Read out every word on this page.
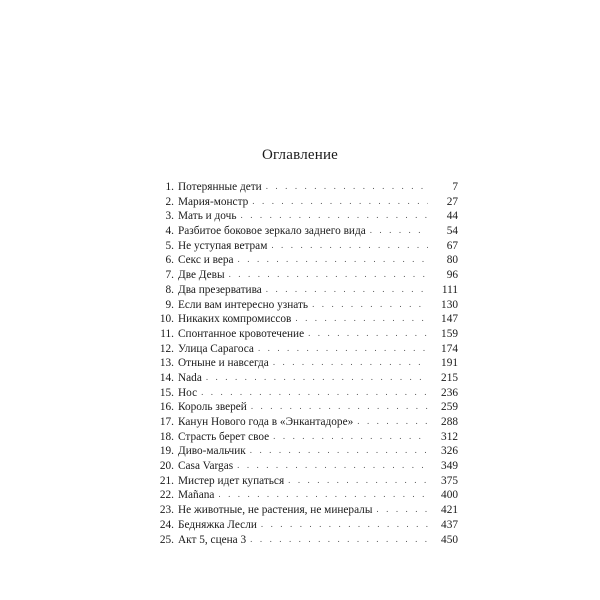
Оглавление
1. Потерянные дети . . .	7
2. Мария-монстр . . .	27
3. Мать и дочь . . .	44
4. Разбитое боковое зеркало заднего вида . . .	54
5. Не уступая ветрам . . .	67
6. Секс и вера . . .	80
7. Две Девы . . .	96
8. Два презерватива . . .	111
9. Если вам интересно узнать . . .	130
10. Никаких компромиссов . . .	147
11. Спонтанное кровотечение . . .	159
12. Улица Сарагоса . . .	174
13. Отныне и навсегда . . .	191
14. Nada . . .	215
15. Нос . . .	236
16. Король зверей . . .	259
17. Канун Нового года в «Энкантадоре» . . .	288
18. Страсть берет свое . . .	312
19. Диво-мальчик . . .	326
20. Casa Vargas . . .	349
21. Мистер идет купаться . . .	375
22. Mañana . . .	400
23. Не животные, не растения, не минералы . . .	421
24. Бедняжка Лесли . . .	437
25. Акт 5, сцена 3 . . .	450
